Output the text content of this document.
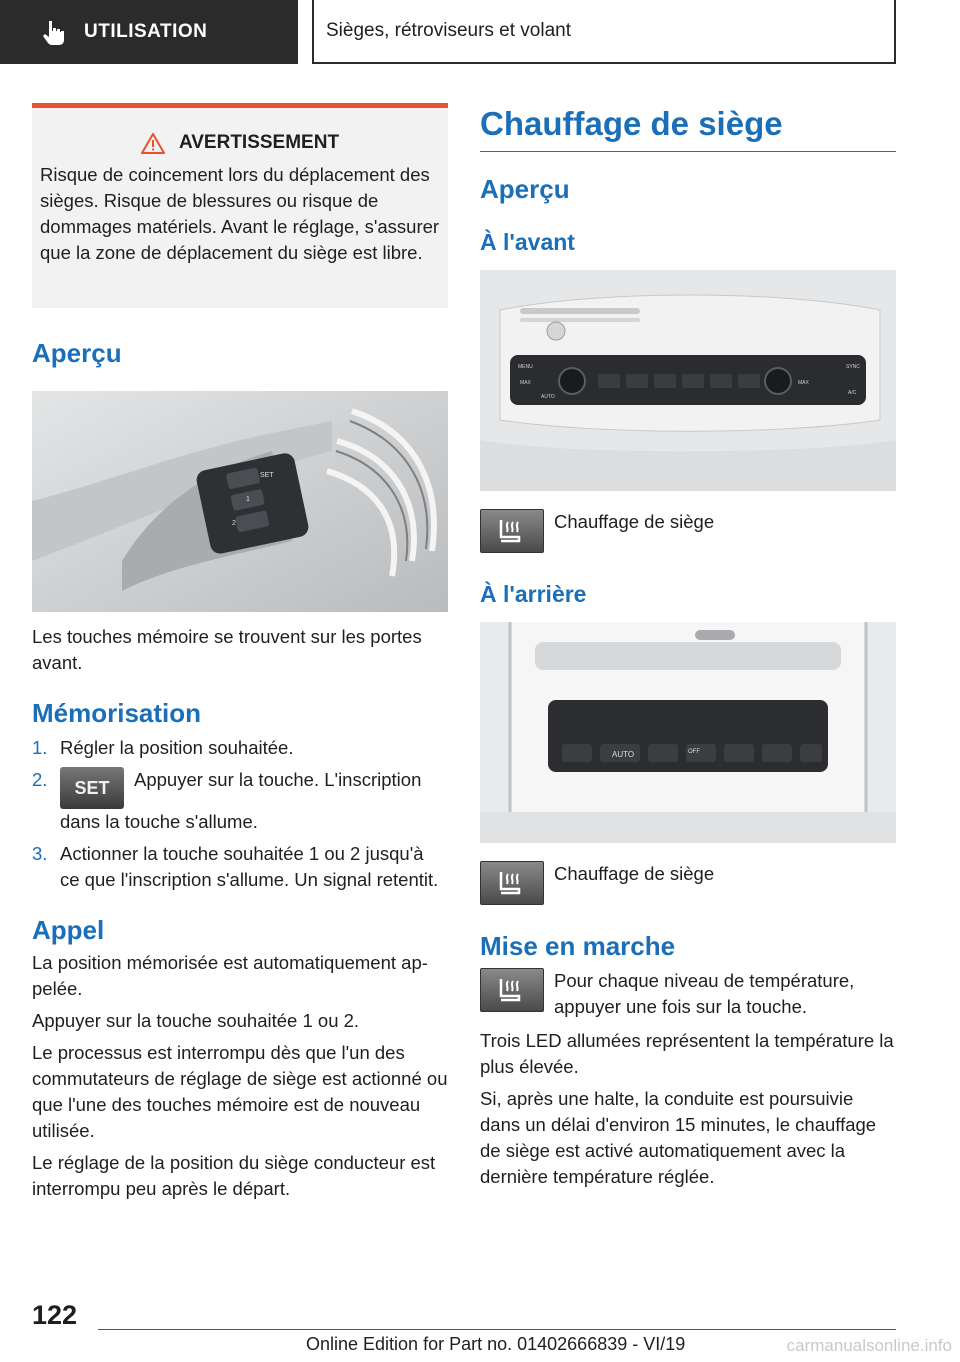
UTILISATION	Sièges, rétroviseurs et volant
AVERTISSEMENT

Risque de coincement lors du déplacement des sièges. Risque de blessures ou risque de dommages matériels. Avant le réglage, s'assurer que la zone de déplacement du siège est libre.

Aperçu
SET
1
2

Les touches mémoire se trouvent sur les portes avant.

Mémorisation
1. Régler la position souhaitée.
2.	SET Appuyer sur la touche. L'inscription dans la touche s'allume.
3. Actionner la touche souhaitée 1 ou 2 jusqu'à ce que l'inscription s'allume. Un signal retentit.
Appel

La position mémorisée est automatiquement appelée.

Appuyer sur la touche souhaitée 1 ou 2.

Le processus est interrompu dès que l'un des commutateurs de réglage de siège est actionné ou que l'une des touches mémoire est de nouveau utilisée.

Le réglage de la position du siège conducteur est interrompu peu après le départ.

Chauffage de siège
Aperçu
À l'avant
MENU
MAX
AUTO
MAX
SYNC
A/C

Chauffage de siège

À l'arrière
AUTO	OFF

Chauffage de siège

Mise en marche

Pour chaque niveau de température, appuyer une fois sur la touche.

Trois LED allumées représentent la température la plus élevée.

Si, après une halte, la conduite est poursuivie dans un délai d'environ 15 minutes, le chauffage de siège est activé automatiquement avec la dernière température réglée.

122
Online Edition for Part no. 01402666839 - VI/19	carmanualsonline.info
